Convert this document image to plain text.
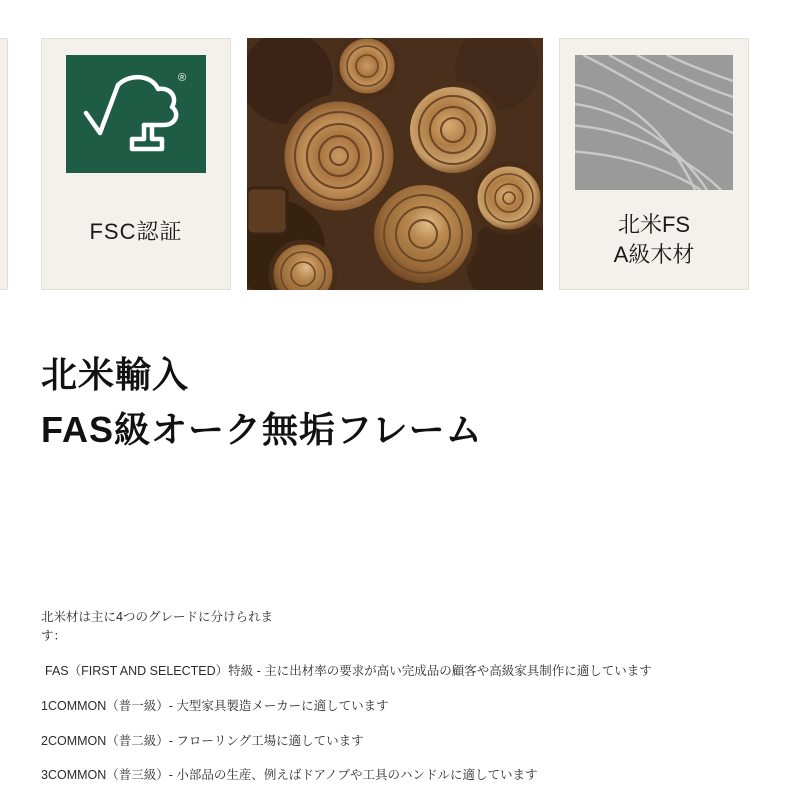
®
FSC認証	北米FS
A級木材
北米輸入
FAS級オーク無垢フレーム
北米材は主に4つのグレードに分けられます：
FAS（FIRST AND SELECTED）特級 - 主に出材率の要求が高い完成品の顧客や高級家具制作に適しています
1COMMON（普一級）- 大型家具製造メーカーに適しています
2COMMON（普二級）- フローリング工場に適しています
3COMMON（普三級）- 小部品の生産、例えばドアノブや工具のハンドルに適しています
